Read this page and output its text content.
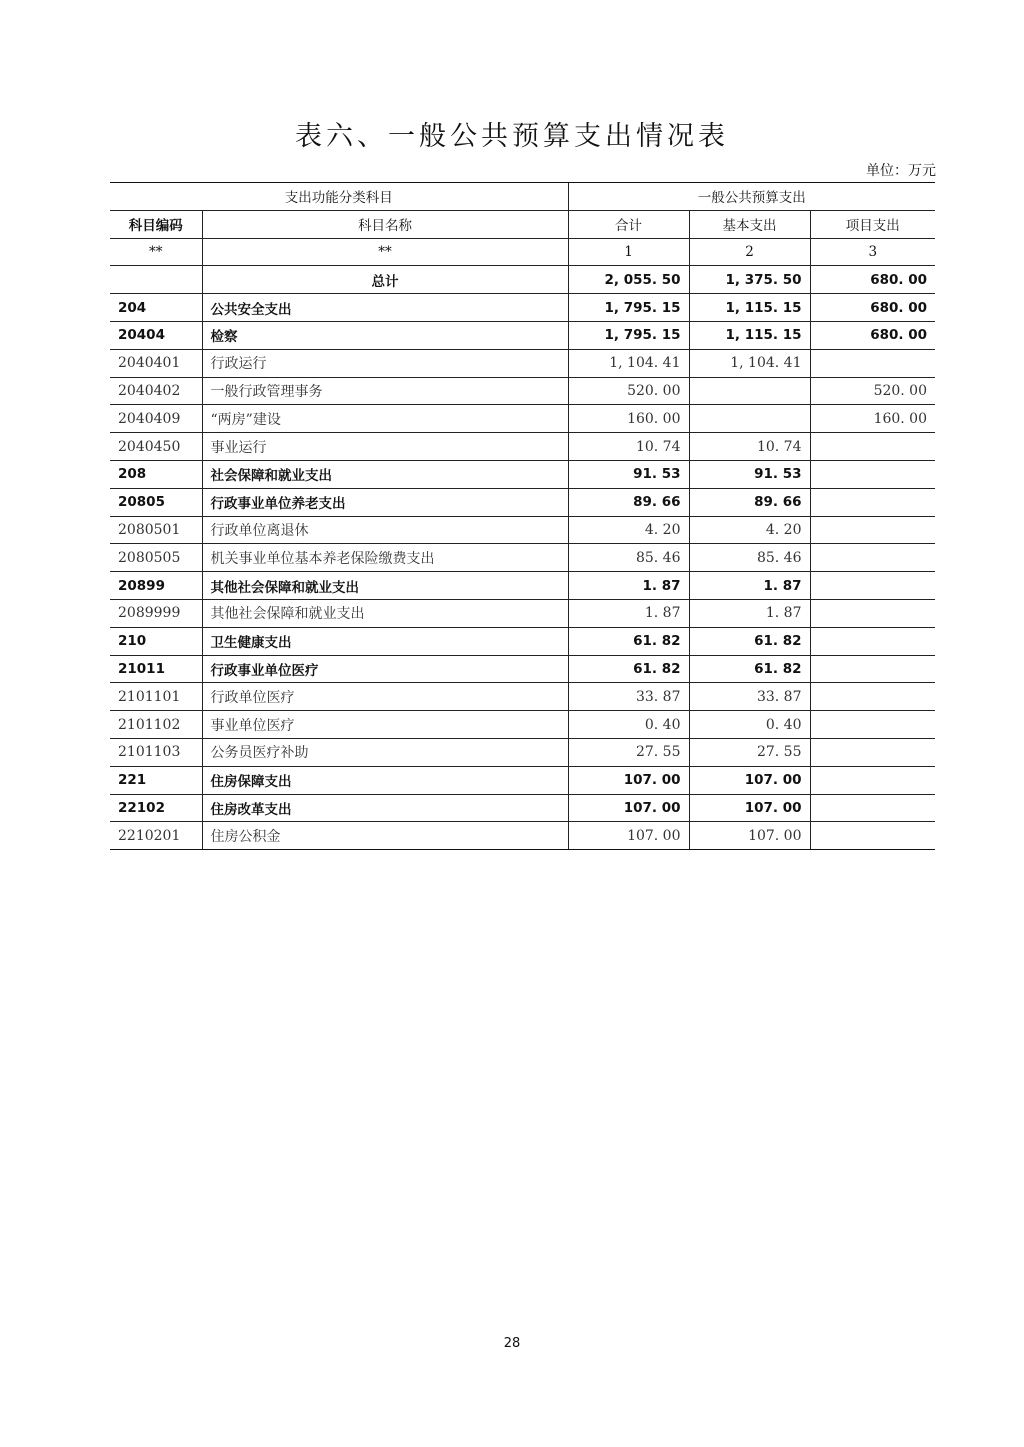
表六、一般公共预算支出情况表
单位：万元
支出功能分类科目		一般公共预算支出		
科目编码	科目名称	合计	基本支出	项目支出
**	**	1	2	3
	总计	2, 055. 50	1, 375. 50	680. 00
204	公共安全支出	1, 795. 15	1, 115. 15	680. 00
20404	检察	1, 795. 15	1, 115. 15	680. 00
2040401	行政运行	1, 104. 41	1, 104. 41	
2040402	一般行政管理事务	520. 00		520. 00
2040409	“两房”建设	160. 00		160. 00
2040450	事业运行	10. 74	10. 74	
208	社会保障和就业支出	91. 53	91. 53	
20805	行政事业单位养老支出	89. 66	89. 66	
2080501	行政单位离退休	4. 20	4. 20	
2080505	机关事业单位基本养老保险缴费支出	85. 46	85. 46	
20899	其他社会保障和就业支出	1. 87	1. 87	
2089999	其他社会保障和就业支出	1. 87	1. 87	
210	卫生健康支出	61. 82	61. 82	
21011	行政事业单位医疗	61. 82	61. 82	
2101101	行政单位医疗	33. 87	33. 87	
2101102	事业单位医疗	0. 40	0. 40	
2101103	公务员医疗补助	27. 55	27. 55	
221	住房保障支出	107. 00	107. 00	
22102	住房改革支出	107. 00	107. 00	
2210201	住房公积金	107. 00	107. 00	
28
